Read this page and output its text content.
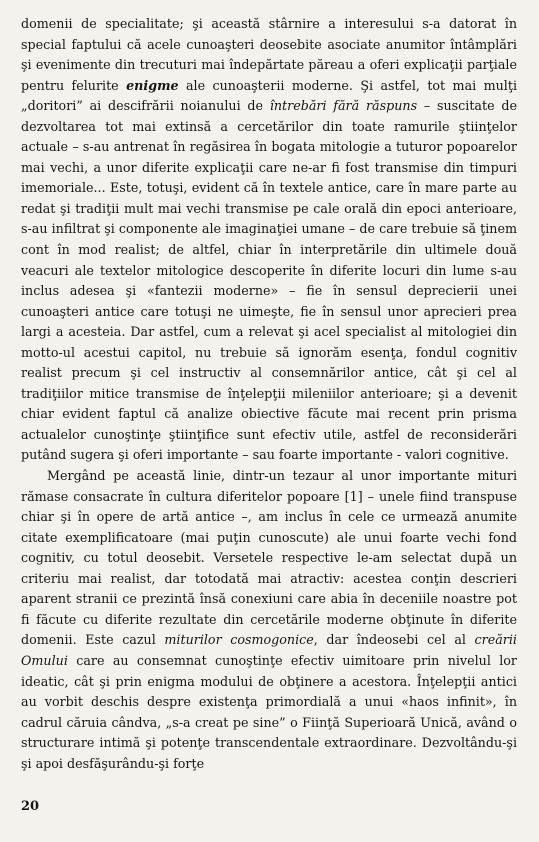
domenii de specialitate; şi această stârnire a interesului s-a datorat în special faptului că acele cunoaşteri deosebite asociate anumitor întâmplări şi evenimente din trecuturi mai îndepărtate păreau a oferi explicaţii parţiale pentru felurite enigme ale cunoaşterii moderne. Şi astfel, tot mai mulţi „doritori” ai descifrării noianului de întrebări fără răspuns – suscitate de dezvoltarea tot mai extinsă a cercetărilor din toate ramurile ştiinţelor actuale – s-au antrenat în regăsirea în bogata mitologie a tuturor popoarelor mai vechi, a unor diferite explicaţii care ne-ar fi fost transmise din timpuri imemoriale... Este, totuşi, evident că în textele antice, care în mare parte au redat şi tradiţii mult mai vechi transmise pe cale orală din epoci anterioare, s-au infiltrat şi componente ale imaginaţiei umane – de care trebuie să ţinem cont în mod realist; de altfel, chiar în interpretările din ultimele două veacuri ale textelor mitologice descoperite în diferite locuri din lume s-au inclus adesea şi «fantezii moderne» – fie în sensul deprecierii unei cunoaşteri antice care totuşi ne uimeşte, fie în sensul unor aprecieri prea largi a acesteia. Dar astfel, cum a relevat şi acel specialist al mitologiei din motto-ul acestui capitol, nu trebuie să ignorăm esenţa, fondul cognitiv realist precum şi cel instructiv al consemnărilor antice, cât şi cel al tradiţiilor mitice transmise de înţelepţii mileniilor anterioare; şi a devenit chiar evident faptul că analize obiective făcute mai recent prin prisma actualelor cunoştinţe ştiinţifice sunt efectiv utile, astfel de reconsiderări putând sugera şi oferi importante – sau foarte importante - valori cognitive.

Mergând pe această linie, dintr-un tezaur al unor importante mituri rămase consacrate în cultura diferitelor popoare [1] – unele fiind transpuse chiar şi în opere de artă antice –, am inclus în cele ce urmează anumite citate exemplificatoare (mai puţin cunoscute) ale unui foarte vechi fond cognitiv, cu totul deosebit. Versetele respective le-am selectat după un criteriu mai realist, dar totodată mai atractiv: acestea conţin descrieri aparent stranii ce prezintă însă conexiuni care abia în deceniile noastre pot fi făcute cu diferite rezultate din cercetările moderne obţinute în diferite domenii. Este cazul miturilor cosmogonice, dar îndeosebi cel al creării Omului care au consemnat cunoştinţe efectiv uimitoare prin nivelul lor ideatic, cât şi prin enigma modului de obţinere a acestora. Înţelepţii antici au vorbit deschis despre existenţa primordială a unui «haos infinit», în cadrul căruia cândva, „s-a creat pe sine” o Fiinţă Superioară Unică, având o structurare intimă şi potenţe transcendentale extraordinare. Dezvoltându-şi şi apoi desfăşurându-şi forţe

20
